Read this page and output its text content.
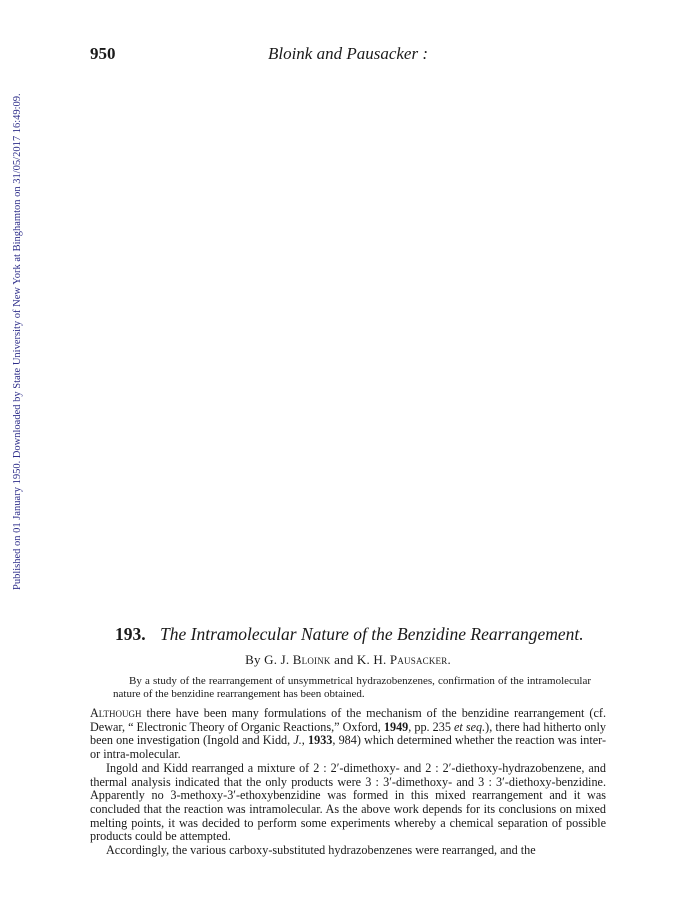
950	Bloink and Pausacker :
Published on 01 January 1950. Downloaded by State University of New York at Binghamton on 31/05/2017 16:49:09.
193. The Intramolecular Nature of the Benzidine Rearrangement.
By G. J. Bloink and K. H. Pausacker.
By a study of the rearrangement of unsymmetrical hydrazobenzenes, confirmation of the intramolecular nature of the benzidine rearrangement has been obtained.

Although there have been many formulations of the mechanism of the benzidine rearrangement (cf. Dewar, “ Electronic Theory of Organic Reactions,” Oxford, 1949, pp. 235 et seq.), there had hitherto only been one investigation (Ingold and Kidd, J., 1933, 984) which determined whether the reaction was inter- or intra-molecular.

Ingold and Kidd rearranged a mixture of 2 : 2′-dimethoxy- and 2 : 2′-diethoxy-hydrazobenzene, and thermal analysis indicated that the only products were 3 : 3′-dimethoxy- and 3 : 3′-diethoxy-benzidine. Apparently no 3-methoxy-3′-ethoxybenzidine was formed in this mixed rearrangement and it was concluded that the reaction was intramolecular. As the above work depends for its conclusions on mixed melting points, it was decided to perform some experiments whereby a chemical separation of possible products could be attempted.

Accordingly, the various carboxy-substituted hydrazobenzenes were rearranged, and the
